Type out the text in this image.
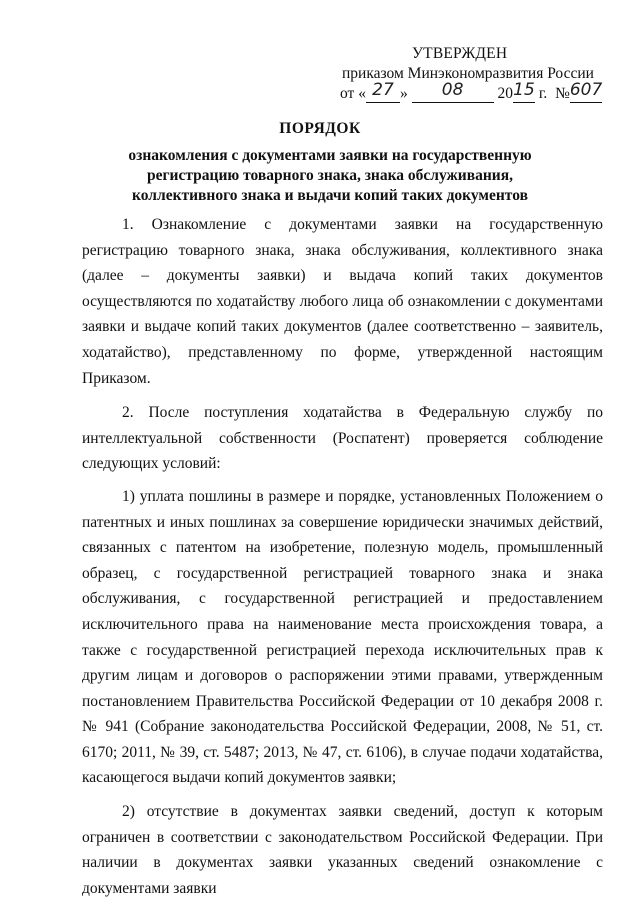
УТВЕРЖДЕН
приказом Минэкономразвития России
от « 27 » 08 2015 г. №607
ПОРЯДОК
ознакомления с документами заявки на государственную регистрацию товарного знака, знака обслуживания, коллективного знака и выдачи копий таких документов

1. Ознакомление с документами заявки на государственную регистрацию товарного знака, знака обслуживания, коллективного знака (далее – документы заявки) и выдача копий таких документов осуществляются по ходатайству любого лица об ознакомлении с документами заявки и выдаче копий таких документов (далее соответственно – заявитель, ходатайство), представленному по форме, утвержденной настоящим Приказом.

2. После поступления ходатайства в Федеральную службу по интеллектуальной собственности (Роспатент) проверяется соблюдение следующих условий:

1) уплата пошлины в размере и порядке, установленных Положением о патентных и иных пошлинах за совершение юридически значимых действий, связанных с патентом на изобретение, полезную модель, промышленный образец, с государственной регистрацией товарного знака и знака обслуживания, с государственной регистрацией и предоставлением исключительного права на наименование места происхождения товара, а также с государственной регистрацией перехода исключительных прав к другим лицам и договоров о распоряжении этими правами, утвержденным постановлением Правительства Российской Федерации от 10 декабря 2008 г. № 941 (Собрание законодательства Российской Федерации, 2008, № 51, ст. 6170; 2011, № 39, ст. 5487; 2013, № 47, ст. 6106), в случае подачи ходатайства, касающегося выдачи копий документов заявки;

2) отсутствие в документах заявки сведений, доступ к которым ограничен в соответствии с законодательством Российской Федерации. При наличии в документах заявки указанных сведений ознакомление с документами заявки
